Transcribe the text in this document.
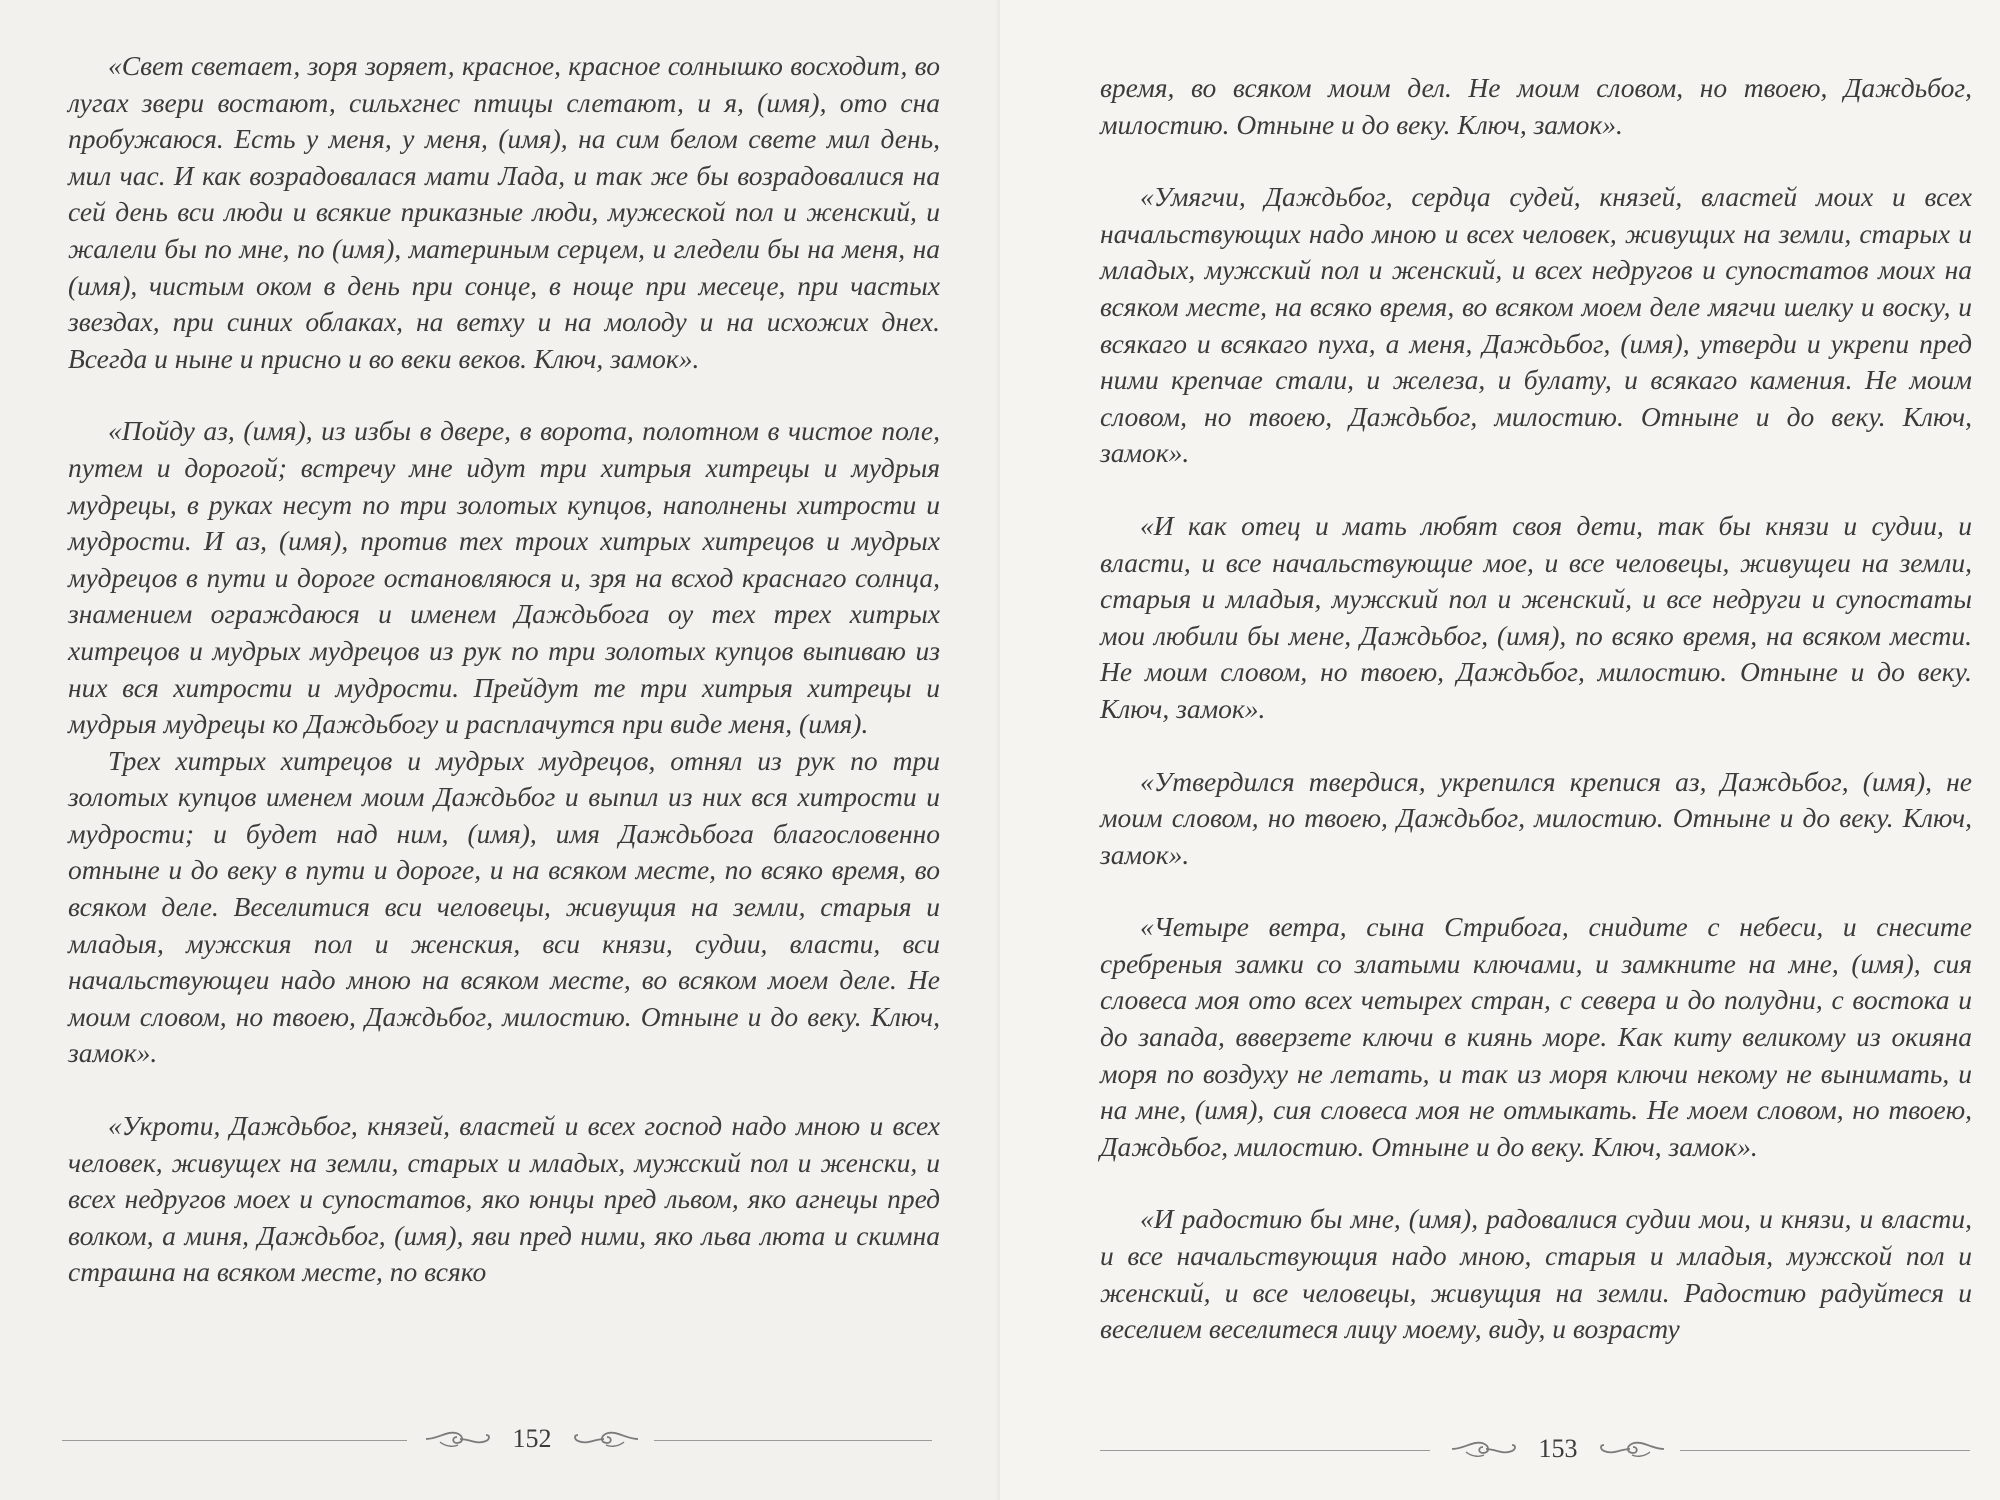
«Свет светает, зоря зоряет, красное, красное солнышко восходит, во лугах звери востают, сильхгнес птицы слетают, и я, (имя), ото сна пробужаюся. Есть у меня, у меня, (имя), на сим белом свете мил день, мил час. И как возрадовалася мати Лада, и так же бы возрадовалися на сей день вси люди и всякие приказные люди, мужеской пол и женский, и жалели бы по мне, по (имя), материным серцем, и гледели бы на меня, на (имя), чистым оком в день при сонце, в ноще при месеце, при частых звездах, при синих облаках, на ветху и на молоду и на исхожих днех. Всегда и ныне и присно и во веки веков. Ключ, замок».

«Пойду аз, (имя), из избы в двере, в ворота, полотном в чистое поле, путем и дорогой; встречу мне идут три хитрыя хитрецы и мудрыя мудрецы, в руках несут по три золотых купцов, наполнены хитрости и мудрости. И аз, (имя), против тех троих хитрых хитрецов и мудрых мудрецов в пути и дороге остановляюся и, зря на всход краснаго солнца, знамением ограждаюся и именем Даждьбога оу тех трех хитрых хитрецов и мудрых мудрецов из рук по три золотых купцов выпиваю из них вся хитрости и мудрости. Прейдут те три хитрыя хитрецы и мудрыя мудрецы ко Даждьбогу и расплачутся при виде меня, (имя).

Трех хитрых хитрецов и мудрых мудрецов, отнял из рук по три золотых купцов именем моим Даждьбог и выпил из них вся хитрости и мудрости; и будет над ним, (имя), имя Даждьбога благословенно отныне и до веку в пути и дороге, и на всяком месте, по всяко время, во всяком деле. Веселитися вси человецы, живущия на земли, старыя и младыя, мужския пол и женския, вси князи, судии, власти, вси начальствующеи надо мною на всяком месте, во всяком моем деле. Не моим словом, но твоею, Даждьбог, милостию. Отныне и до веку. Ключ, замок».

«Укроти, Даждьбог, князей, властей и всех господ надо мною и всех человек, живущех на земли, старых и младых, мужский пол и женски, и всех недругов моех и супостатов, яко юнцы пред львом, яко агнецы пред волком, а миня, Даждьбог, (имя), яви пред ними, яко льва люта и скимна страшна на всяком месте, по всяко

152

время, во всяком моим дел. Не моим словом, но твоею, Даждьбог, милостию. Отныне и до веку. Ключ, замок».

«Умягчи, Даждьбог, сердца судей, князей, властей моих и всех начальствующих надо мною и всех человек, живущих на земли, старых и младых, мужский пол и женский, и всех недругов и супостатов моих на всяком месте, на всяко время, во всяком моем деле мягчи шелку и воску, и всякаго и всякаго пуха, а меня, Даждьбог, (имя), утверди и укрепи пред ними крепчае стали, и железа, и булату, и всякаго камения. Не моим словом, но твоею, Даждьбог, милостию. Отныне и до веку. Ключ, замок».

«И как отец и мать любят своя дети, так бы князи и судии, и власти, и все начальствующие мое, и все человецы, живущеи на земли, старыя и младыя, мужский пол и женский, и все недруги и супостаты мои любили бы мене, Даждьбог, (имя), по всяко время, на всяком мести. Не моим словом, но твоею, Даждьбог, милостию. Отныне и до веку. Ключ, замок».

«Утвердился твердися, укрепился крепися аз, Даждьбог, (имя), не моим словом, но твоею, Даждьбог, милостию. Отныне и до веку. Ключ, замок».

«Четыре ветра, сына Стрибога, снидите с небеси, и снесите сребреныя замки со златыми ключами, и замкните на мне, (имя), сия словеса моя ото всех четырех стран, с севера и до полудни, с востока и до запада, ввверзете ключи в киянь море. Как киту великому из окияна моря по воздуху не летать, и так из моря ключи некому не вынимать, и на мне, (имя), сия словеса моя не отмыкать. Не моем словом, но твоею, Даждьбог, милостию. Отныне и до веку. Ключ, замок».

«И радостию бы мне, (имя), радовалися судии мои, и князи, и власти, и все начальствующия надо мною, старыя и младыя, мужской пол и женский, и все человецы, живущия на земли. Радостию радуйтеся и веселием веселитеся лицу моему, виду, и возрасту

153
